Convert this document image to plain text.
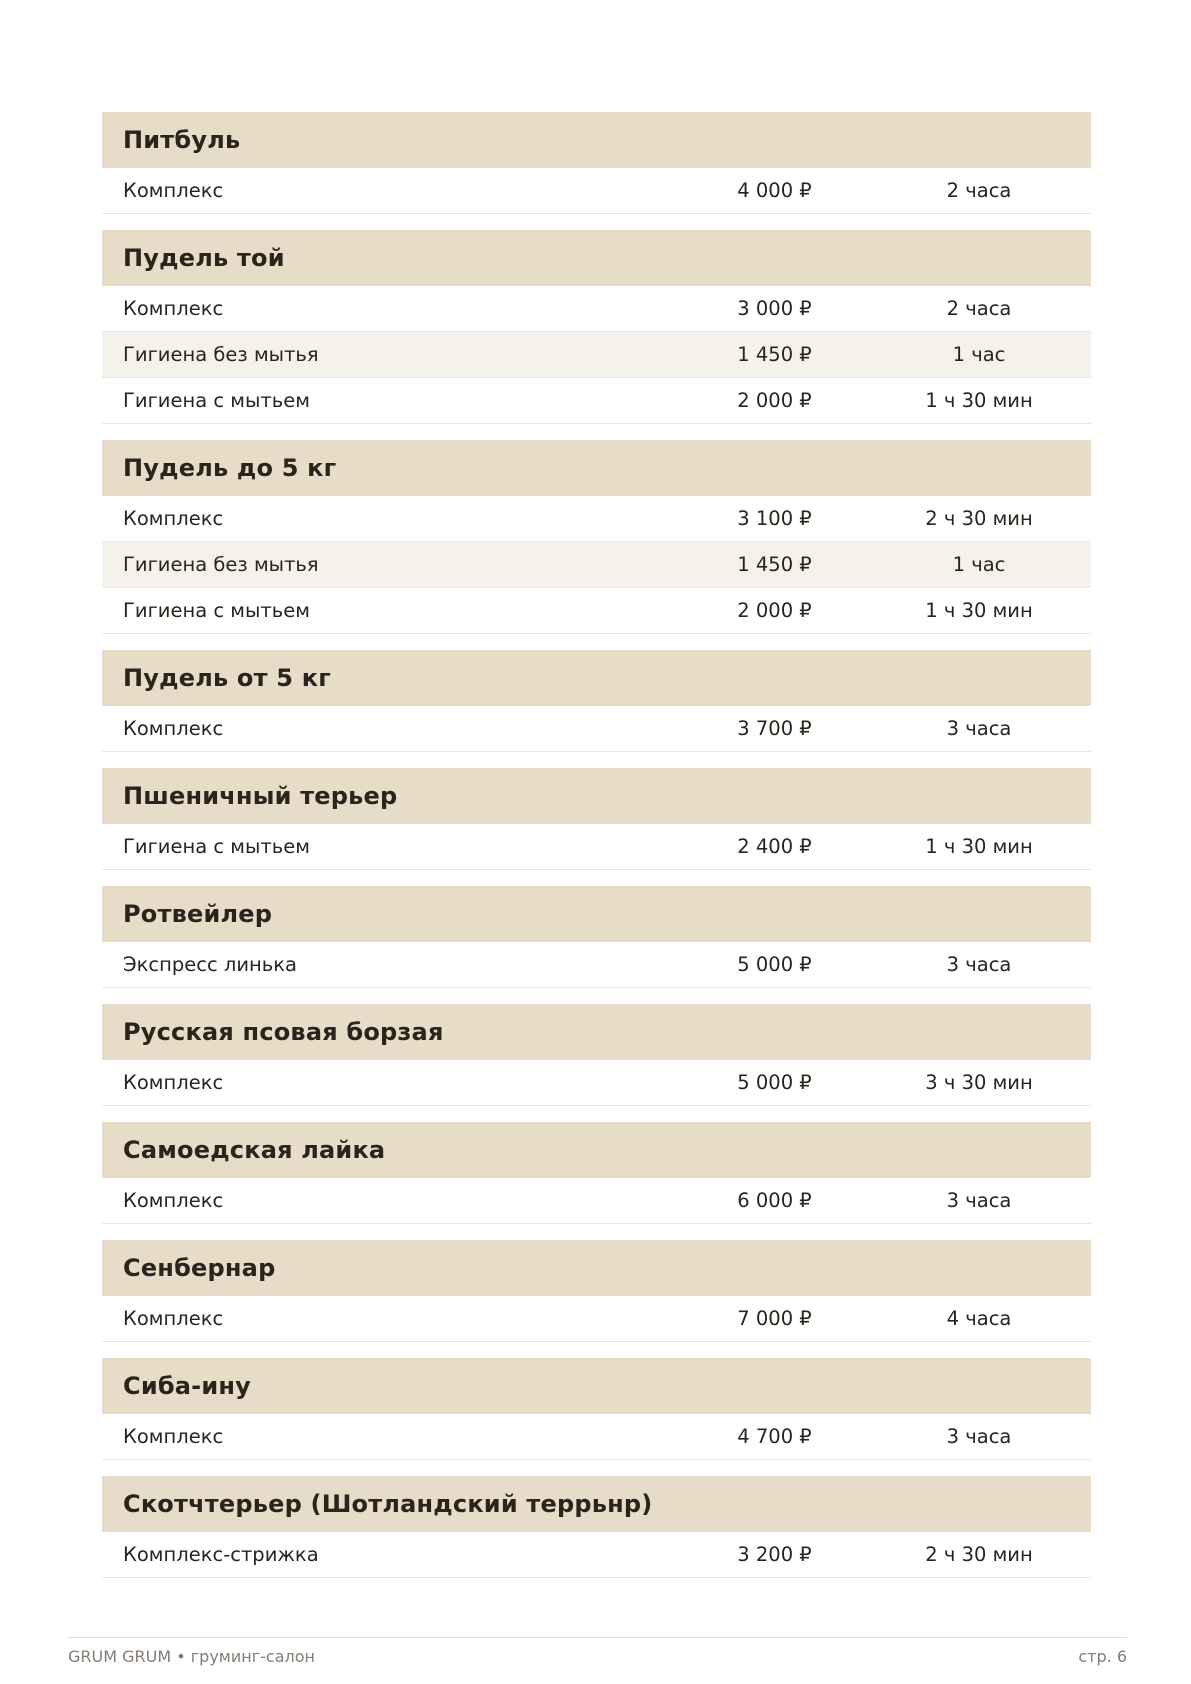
Питбуль
Комплекс	4 000 ₽	2 часа
Пудель той
Комплекс	3 000 ₽	2 часа
Гигиена без мытья	1 450 ₽	1 час
Гигиена с мытьем	2 000 ₽	1 ч 30 мин
Пудель до 5 кг
Комплекс	3 100 ₽	2 ч 30 мин
Гигиена без мытья	1 450 ₽	1 час
Гигиена с мытьем	2 000 ₽	1 ч 30 мин
Пудель от 5 кг
Комплекс	3 700 ₽	3 часа
Пшеничный терьер
Гигиена с мытьем	2 400 ₽	1 ч 30 мин
Ротвейлер
Экспресс линька	5 000 ₽	3 часа
Русская псовая борзая
Комплекс	5 000 ₽	3 ч 30 мин
Самоедская лайка
Комплекс	6 000 ₽	3 часа
Сенбернар
Комплекс	7 000 ₽	4 часа
Сиба-ину
Комплекс	4 700 ₽	3 часа
Скотчтерьер (Шотландский террьнр)
Комплекс-стрижка	3 200 ₽	2 ч 30 мин
GRUM GRUM • груминг-салон	стр. 6
